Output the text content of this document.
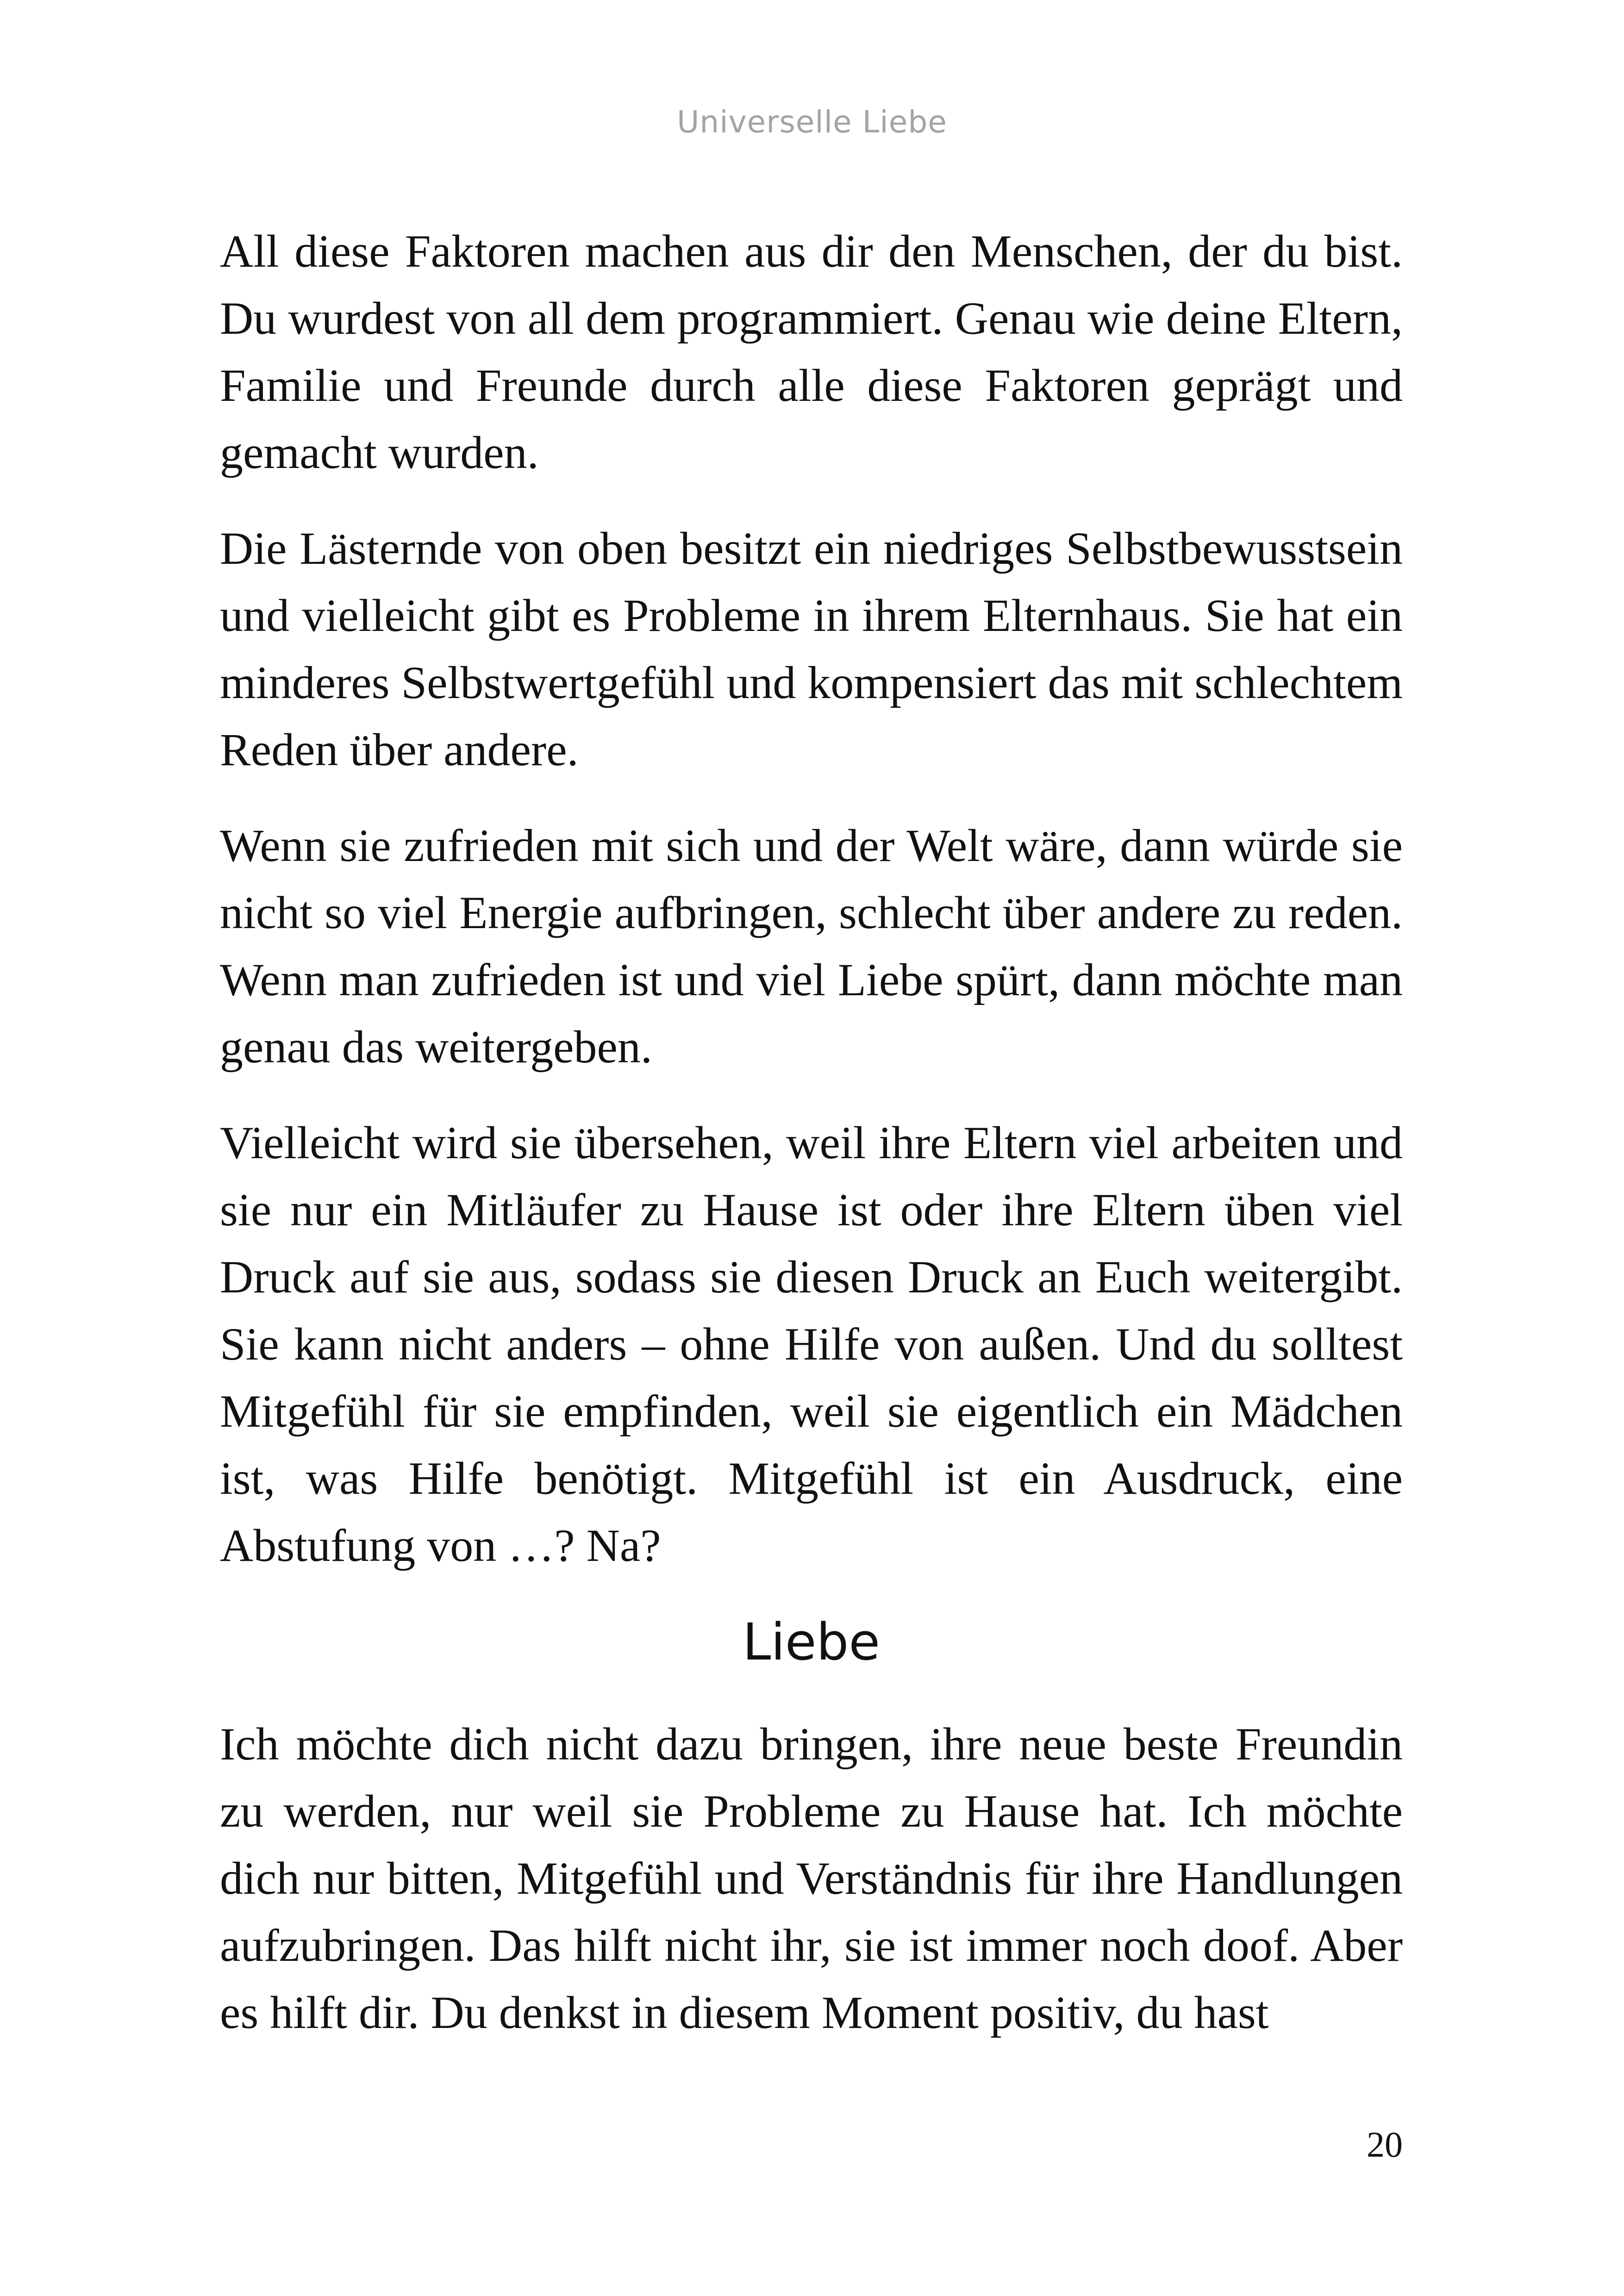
Universelle Liebe

All diese Faktoren machen aus dir den Menschen, der du bist. Du wurdest von all dem programmiert. Genau wie deine Eltern, Familie und Freunde durch alle diese Faktoren geprägt und gemacht wurden.

Die Lästernde von oben besitzt ein niedriges Selbstbewusstsein und vielleicht gibt es Probleme in ihrem Elternhaus. Sie hat ein minderes Selbstwertgefühl und kompensiert das mit schlechtem Reden über andere.

Wenn sie zufrieden mit sich und der Welt wäre, dann würde sie nicht so viel Energie aufbringen, schlecht über andere zu reden. Wenn man zufrieden ist und viel Liebe spürt, dann möchte man genau das weitergeben.

Vielleicht wird sie übersehen, weil ihre Eltern viel arbeiten und sie nur ein Mitläufer zu Hause ist oder ihre Eltern üben viel Druck auf sie aus, sodass sie diesen Druck an Euch weitergibt. Sie kann nicht anders – ohne Hilfe von außen. Und du solltest Mitgefühl für sie empfinden, weil sie eigentlich ein Mädchen ist, was Hilfe benötigt. Mitgefühl ist ein Ausdruck, eine Abstufung von …? Na?

Liebe

Ich möchte dich nicht dazu bringen, ihre neue beste Freundin zu werden, nur weil sie Probleme zu Hause hat. Ich möchte dich nur bitten, Mitgefühl und Verständnis für ihre Handlungen aufzubringen. Das hilft nicht ihr, sie ist immer noch doof. Aber es hilft dir. Du denkst in diesem Moment positiv, du hast

20
